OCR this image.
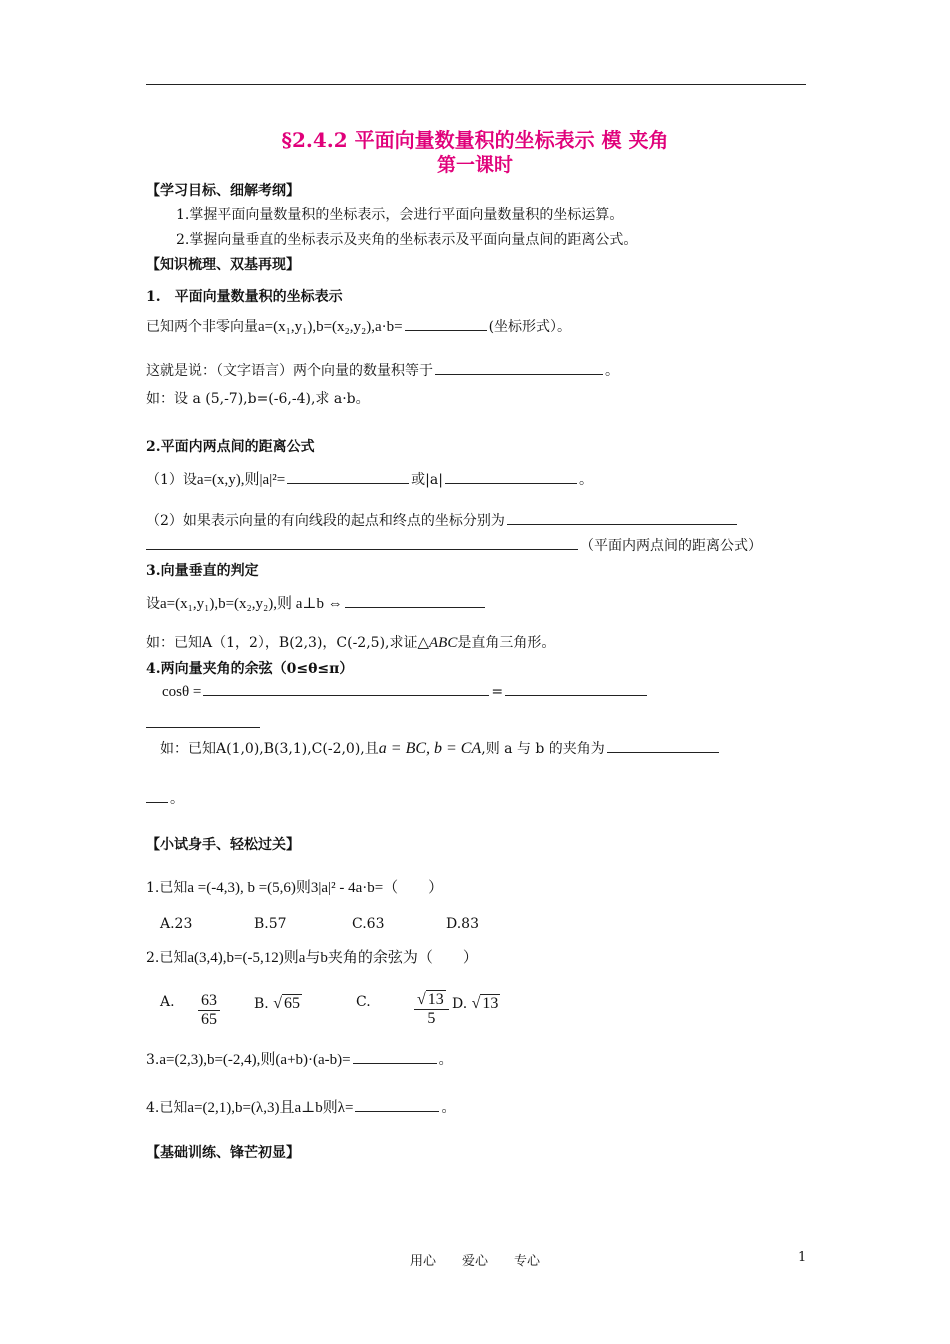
§2.4.2 平面向量数量积的坐标表示 模 夹角
第一课时
【学习目标、细解考纲】
1.掌握平面向量数量积的坐标表示，会进行平面向量数量积的坐标运算。
2.掌握向量垂直的坐标表示及夹角的坐标表示及平面向量点间的距离公式。
【知识梳理、双基再现】
1.　平面向量数量积的坐标表示
已知两个非零向量a=(x₁,y₁),b=(x₂,y₂),a·b=	(坐标形式）。
这就是说：（文字语言）两个向量的数量积等于	。
如：设 a (5,-7),b=(-6,-4),求 a·b。
2.平面内两点间的距离公式
（1）设a=(x,y),则|a|²=	或|a|	。
（2）如果表示向量的有向线段的起点和终点的坐标分别为
（平面内两点间的距离公式）
3.向量垂直的判定
设a=(x₁,y₁),b=(x₂,y₂),则 a⊥b ⇔
如：已知A（1，2），B(2,3)，C(-2,5),求证△ABC是直角三角形。
4.两向量夹角的余弦（0≤θ≤π）
cosθ =	=
如：已知A(1,0),B(3,1),C(-2,0),且a = BC, b = CA,则 a 与 b 的夹角为
。
【小试身手、轻松过关】
1.已知a =(-4,3), b =(5,6)则3|a|² - 4a·b=（　　）
A.23	B.57	C.63	D.83
2.已知a(3,4),b=(-5,12)则a与b夹角的余弦为（　　）
A. $\frac{63}{65} B$. √ 65	C.	$\frac{√ 13}{5} D$. √ 13
3.a=(2,3),b=(-2,4),则(a+b)·(a-b)=	。
4.已知a=(2,1),b=(λ,3)且a⊥b则λ=	。
【基础训练、锋芒初显】
用心　　爱心　　专心	1
